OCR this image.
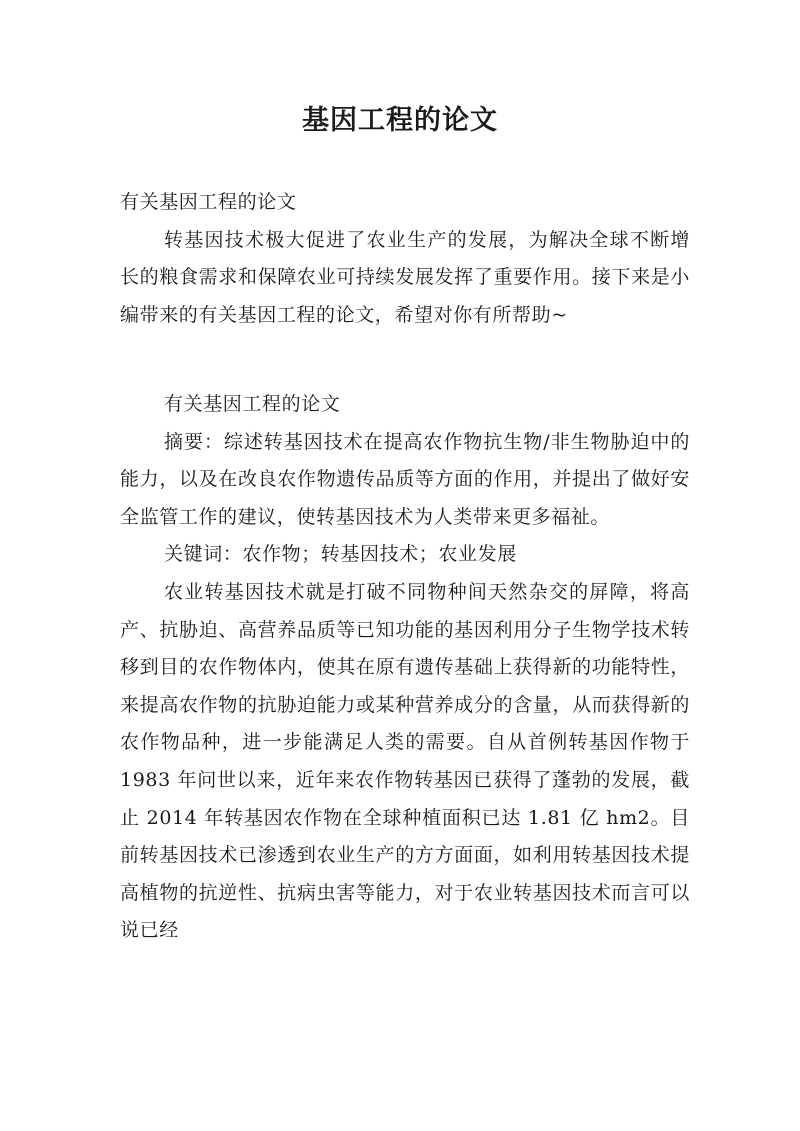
基因工程的论文

有关基因工程的论文

转基因技术极大促进了农业生产的发展，为解决全球不断增长的粮食需求和保障农业可持续发展发挥了重要作用。接下来是小编带来的有关基因工程的论文，希望对你有所帮助~

有关基因工程的论文

摘要：综述转基因技术在提高农作物抗生物/非生物胁迫中的能力，以及在改良农作物遗传品质等方面的作用，并提出了做好安全监管工作的建议，使转基因技术为人类带来更多福祉。

关键词：农作物；转基因技术；农业发展

农业转基因技术就是打破不同物种间天然杂交的屏障，将高产、抗胁迫、高营养品质等已知功能的基因利用分子生物学技术转移到目的农作物体内，使其在原有遗传基础上获得新的功能特性，来提高农作物的抗胁迫能力或某种营养成分的含量，从而获得新的农作物品种，进一步能满足人类的需要。自从首例转基因作物于 1983 年问世以来，近年来农作物转基因已获得了蓬勃的发展，截止 2014 年转基因农作物在全球种植面积已达 1.81 亿 hm2。目前转基因技术已渗透到农业生产的方方面面，如利用转基因技术提高植物的抗逆性、抗病虫害等能力，对于农业转基因技术而言可以说已经
